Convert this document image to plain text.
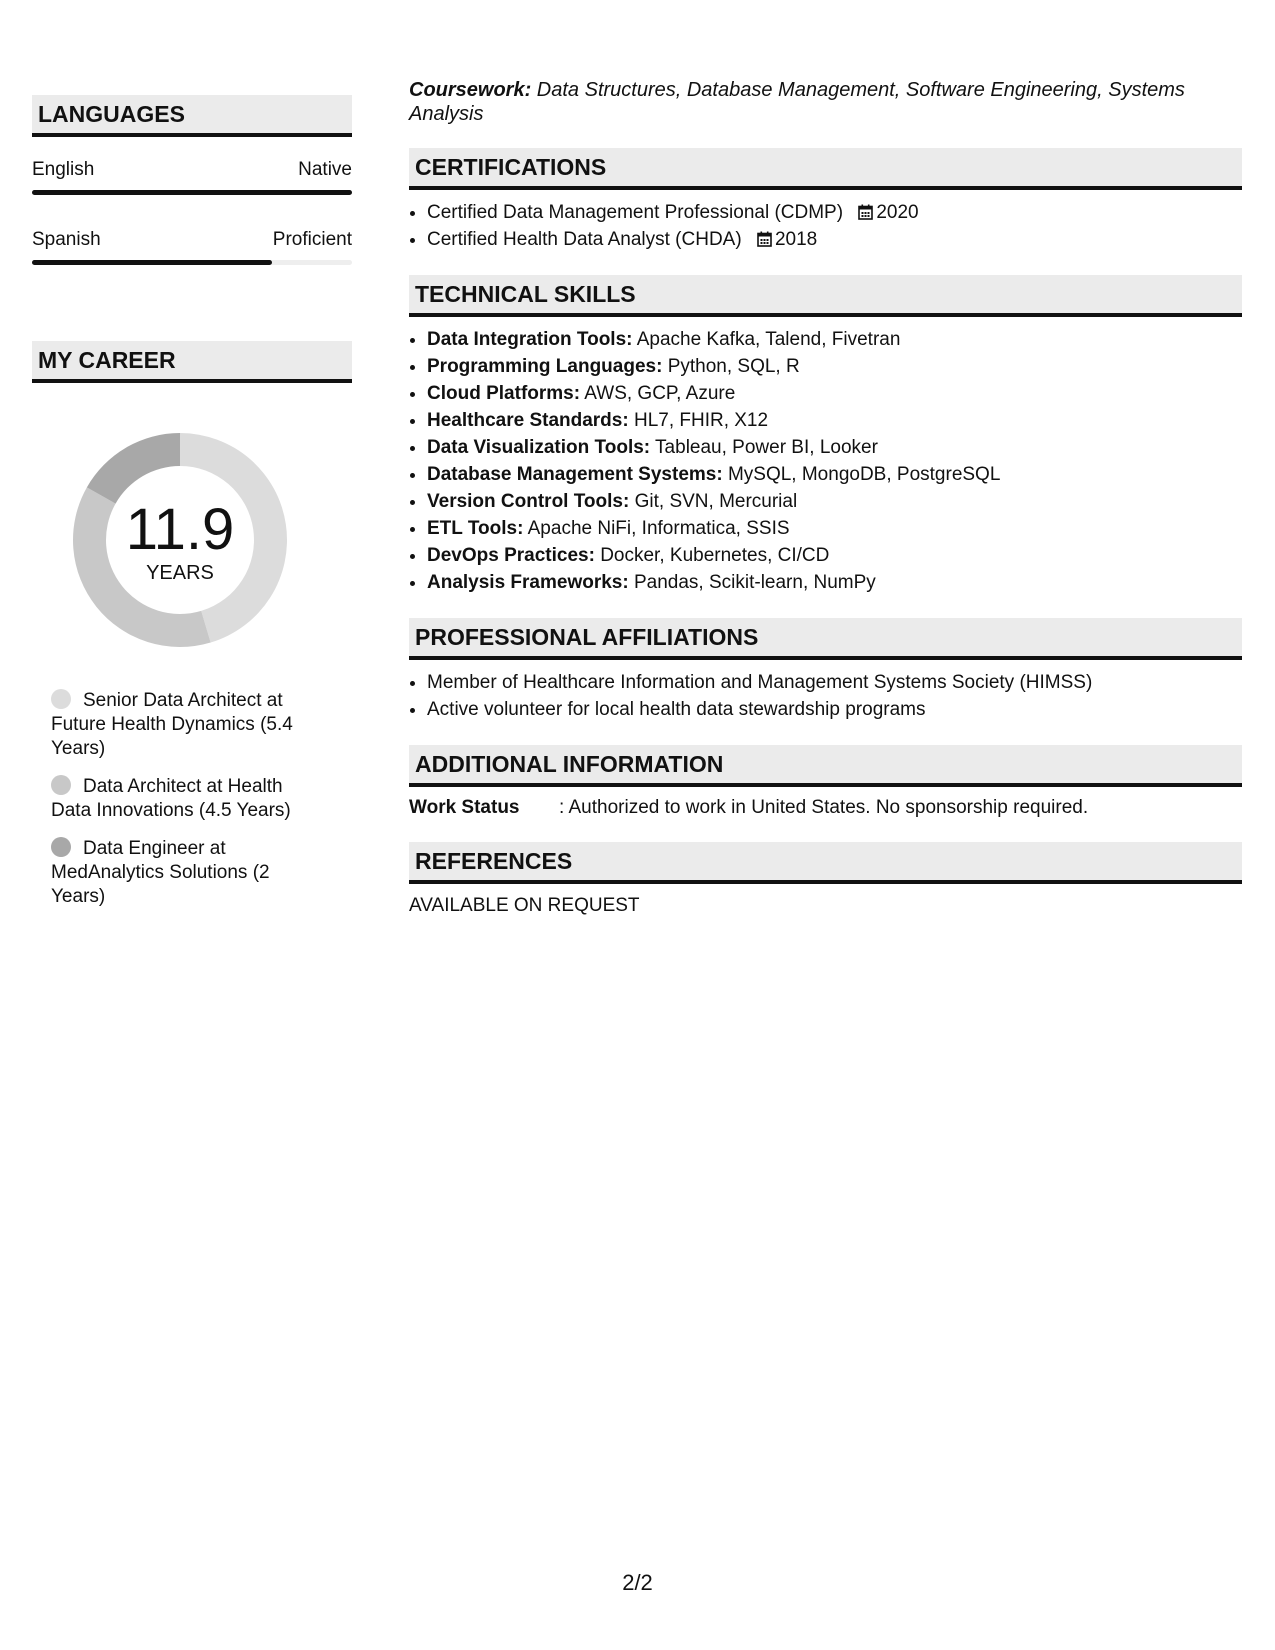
LANGUAGES
English	Native
Spanish	Proficient
MY CAREER
11.9
YEARS
Senior Data Architect at Future Health Dynamics (5.4 Years)
Data Architect at Health Data Innovations (4.5 Years)
Data Engineer at MedAnalytics Solutions (2 Years)
Coursework: Data Structures, Database Management, Software Engineering, Systems Analysis
CERTIFICATIONS
• Certified Data Management Professional (CDMP) 2020
• Certified Health Data Analyst (CHDA) 2018
TECHNICAL SKILLS
• Data Integration Tools: Apache Kafka, Talend, Fivetran
• Programming Languages: Python, SQL, R
• Cloud Platforms: AWS, GCP, Azure
• Healthcare Standards: HL7, FHIR, X12
• Data Visualization Tools: Tableau, Power BI, Looker
• Database Management Systems: MySQL, MongoDB, PostgreSQL
• Version Control Tools: Git, SVN, Mercurial
• ETL Tools: Apache NiFi, Informatica, SSIS
• DevOps Practices: Docker, Kubernetes, CI/CD
• Analysis Frameworks: Pandas, Scikit-learn, NumPy
PROFESSIONAL AFFILIATIONS
• Member of Healthcare Information and Management Systems Society (HIMSS)
• Active volunteer for local health data stewardship programs
ADDITIONAL INFORMATION
Work Status	: Authorized to work in United States. No sponsorship required.
REFERENCES
AVAILABLE ON REQUEST
2/2
